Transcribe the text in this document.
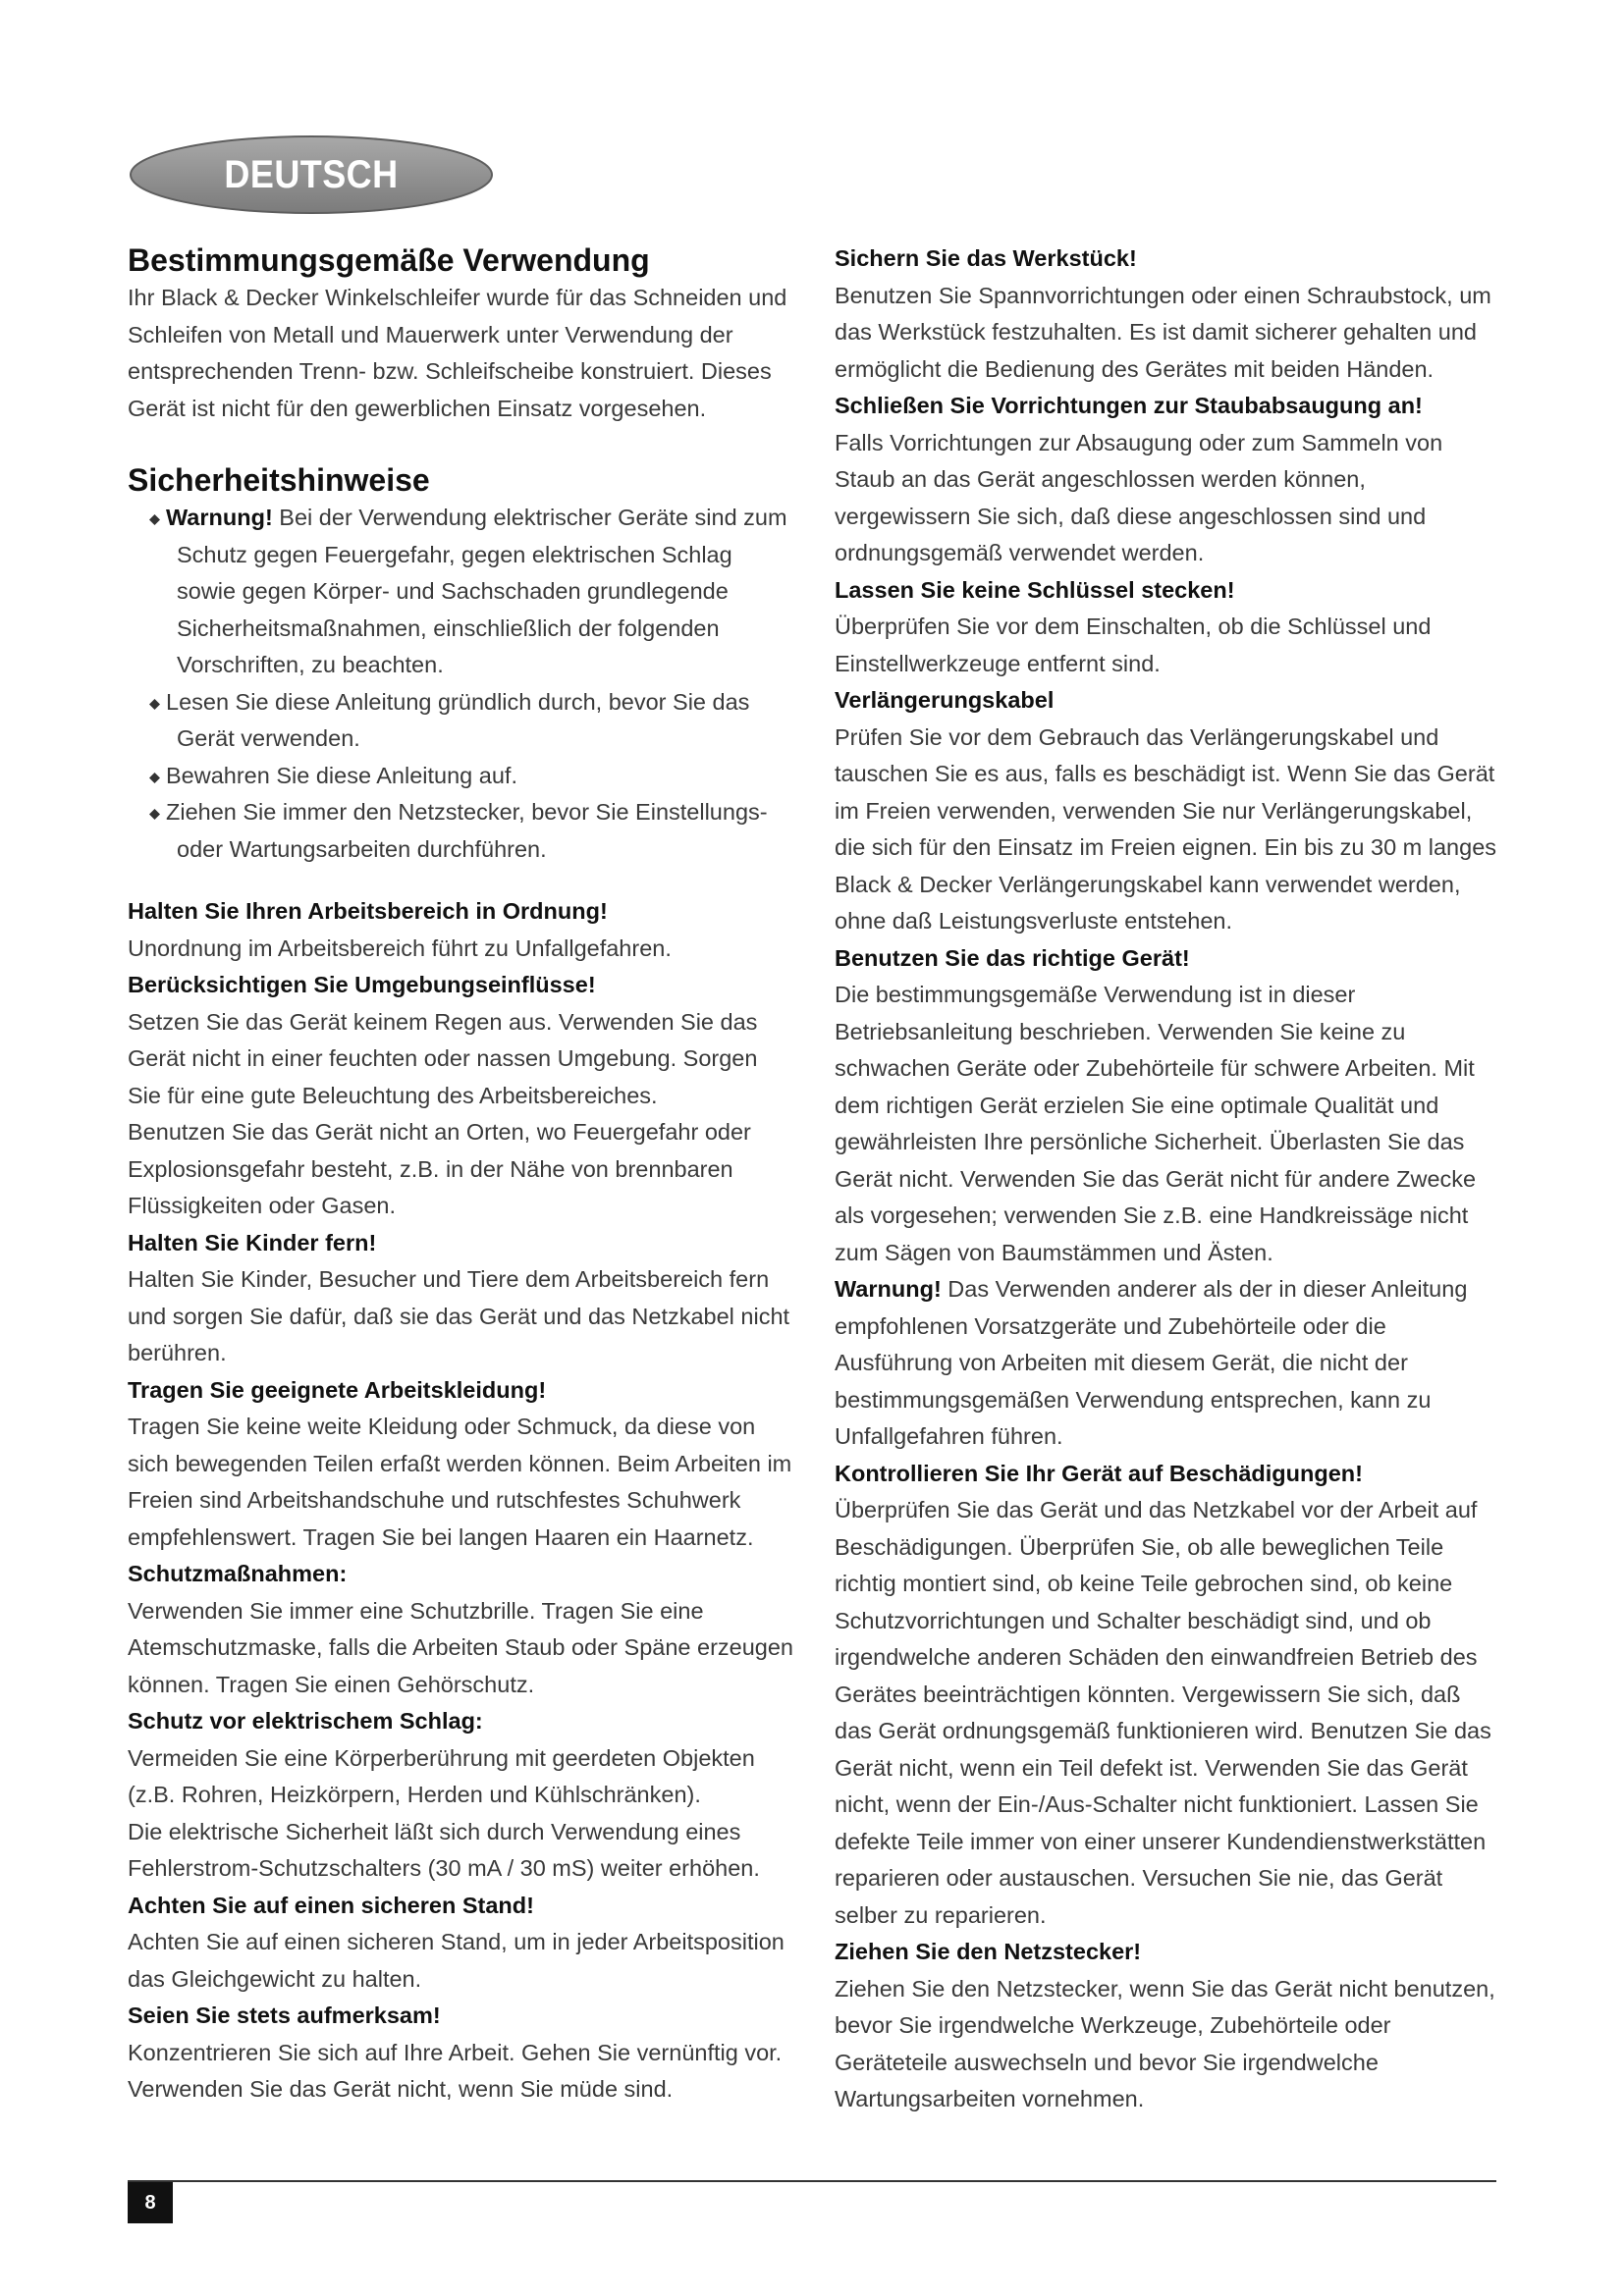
DEUTSCH
Bestimmungsgemäße Verwendung

Ihr Black & Decker Winkelschleifer wurde für das Schneiden und Schleifen von Metall und Mauerwerk unter Verwendung der entsprechenden Trenn- bzw. Schleifscheibe konstruiert. Dieses Gerät ist nicht für den gewerblichen Einsatz vorgesehen.

Sicherheitshinweise
Warnung! Bei der Verwendung elektrischer Geräte sind zum Schutz gegen Feuergefahr, gegen elektrischen Schlag sowie gegen Körper- und Sachschaden grundlegende Sicherheitsmaßnahmen, einschließlich der folgenden Vorschriften, zu beachten.
Lesen Sie diese Anleitung gründlich durch, bevor Sie das Gerät verwenden.
Bewahren Sie diese Anleitung auf.
Ziehen Sie immer den Netzstecker, bevor Sie Einstellungs- oder Wartungsarbeiten durchführen.

Halten Sie Ihren Arbeitsbereich in Ordnung!

Unordnung im Arbeitsbereich führt zu Unfallgefahren.

Berücksichtigen Sie Umgebungseinflüsse!

Setzen Sie das Gerät keinem Regen aus. Verwenden Sie das Gerät nicht in einer feuchten oder nassen Umgebung. Sorgen Sie für eine gute Beleuchtung des Arbeitsbereiches.

Benutzen Sie das Gerät nicht an Orten, wo Feuergefahr oder Explosionsgefahr besteht, z.B. in der Nähe von brennbaren Flüssigkeiten oder Gasen.

Halten Sie Kinder fern!

Halten Sie Kinder, Besucher und Tiere dem Arbeitsbereich fern und sorgen Sie dafür, daß sie das Gerät und das Netzkabel nicht berühren.

Tragen Sie geeignete Arbeitskleidung!

Tragen Sie keine weite Kleidung oder Schmuck, da diese von sich bewegenden Teilen erfaßt werden können. Beim Arbeiten im Freien sind Arbeitshandschuhe und rutschfestes Schuhwerk empfehlenswert. Tragen Sie bei langen Haaren ein Haarnetz.

Schutzmaßnahmen:

Verwenden Sie immer eine Schutzbrille. Tragen Sie eine Atemschutzmaske, falls die Arbeiten Staub oder Späne erzeugen können. Tragen Sie einen Gehörschutz.

Schutz vor elektrischem Schlag:

Vermeiden Sie eine Körperberührung mit geerdeten Objekten (z.B. Rohren, Heizkörpern, Herden und Kühlschränken).

Die elektrische Sicherheit läßt sich durch Verwendung eines Fehlerstrom-Schutzschalters (30 mA / 30 mS) weiter erhöhen.

Achten Sie auf einen sicheren Stand!

Achten Sie auf einen sicheren Stand, um in jeder Arbeitsposition das Gleichgewicht zu halten.

Seien Sie stets aufmerksam!

Konzentrieren Sie sich auf Ihre Arbeit. Gehen Sie vernünftig vor. Verwenden Sie das Gerät nicht, wenn Sie müde sind.

Sichern Sie das Werkstück!

Benutzen Sie Spannvorrichtungen oder einen Schraubstock, um das Werkstück festzuhalten. Es ist damit sicherer gehalten und ermöglicht die Bedienung des Gerätes mit beiden Händen.

Schließen Sie Vorrichtungen zur Staubabsaugung an!

Falls Vorrichtungen zur Absaugung oder zum Sammeln von Staub an das Gerät angeschlossen werden können, vergewissern Sie sich, daß diese angeschlossen sind und ordnungsgemäß verwendet werden.

Lassen Sie keine Schlüssel stecken!

Überprüfen Sie vor dem Einschalten, ob die Schlüssel und Einstellwerkzeuge entfernt sind.

Verlängerungskabel

Prüfen Sie vor dem Gebrauch das Verlängerungskabel und tauschen Sie es aus, falls es beschädigt ist. Wenn Sie das Gerät im Freien verwenden, verwenden Sie nur Verlängerungskabel, die sich für den Einsatz im Freien eignen. Ein bis zu 30 m langes Black & Decker Verlängerungskabel kann verwendet werden, ohne daß Leistungsverluste entstehen.

Benutzen Sie das richtige Gerät!

Die bestimmungsgemäße Verwendung ist in dieser Betriebsanleitung beschrieben. Verwenden Sie keine zu schwachen Geräte oder Zubehörteile für schwere Arbeiten. Mit dem richtigen Gerät erzielen Sie eine optimale Qualität und gewährleisten Ihre persönliche Sicherheit. Überlasten Sie das Gerät nicht. Verwenden Sie das Gerät nicht für andere Zwecke als vorgesehen; verwenden Sie z.B. eine Handkreissäge nicht zum Sägen von Baumstämmen und Ästen.

Warnung! Das Verwenden anderer als der in dieser Anleitung empfohlenen Vorsatzgeräte und Zubehörteile oder die Ausführung von Arbeiten mit diesem Gerät, die nicht der bestimmungsgemäßen Verwendung entsprechen, kann zu Unfallgefahren führen.

Kontrollieren Sie Ihr Gerät auf Beschädigungen!

Überprüfen Sie das Gerät und das Netzkabel vor der Arbeit auf Beschädigungen. Überprüfen Sie, ob alle beweglichen Teile richtig montiert sind, ob keine Teile gebrochen sind, ob keine Schutzvorrichtungen und Schalter beschädigt sind, und ob irgendwelche anderen Schäden den einwandfreien Betrieb des Gerätes beeinträchtigen könnten. Vergewissern Sie sich, daß das Gerät ordnungsgemäß funktionieren wird. Benutzen Sie das Gerät nicht, wenn ein Teil defekt ist. Verwenden Sie das Gerät nicht, wenn der Ein-/Aus-Schalter nicht funktioniert. Lassen Sie defekte Teile immer von einer unserer Kundendienstwerkstätten reparieren oder austauschen. Versuchen Sie nie, das Gerät selber zu reparieren.

Ziehen Sie den Netzstecker!

Ziehen Sie den Netzstecker, wenn Sie das Gerät nicht benutzen, bevor Sie irgendwelche Werkzeuge, Zubehörteile oder Geräteteile auswechseln und bevor Sie irgendwelche Wartungsarbeiten vornehmen.

8
